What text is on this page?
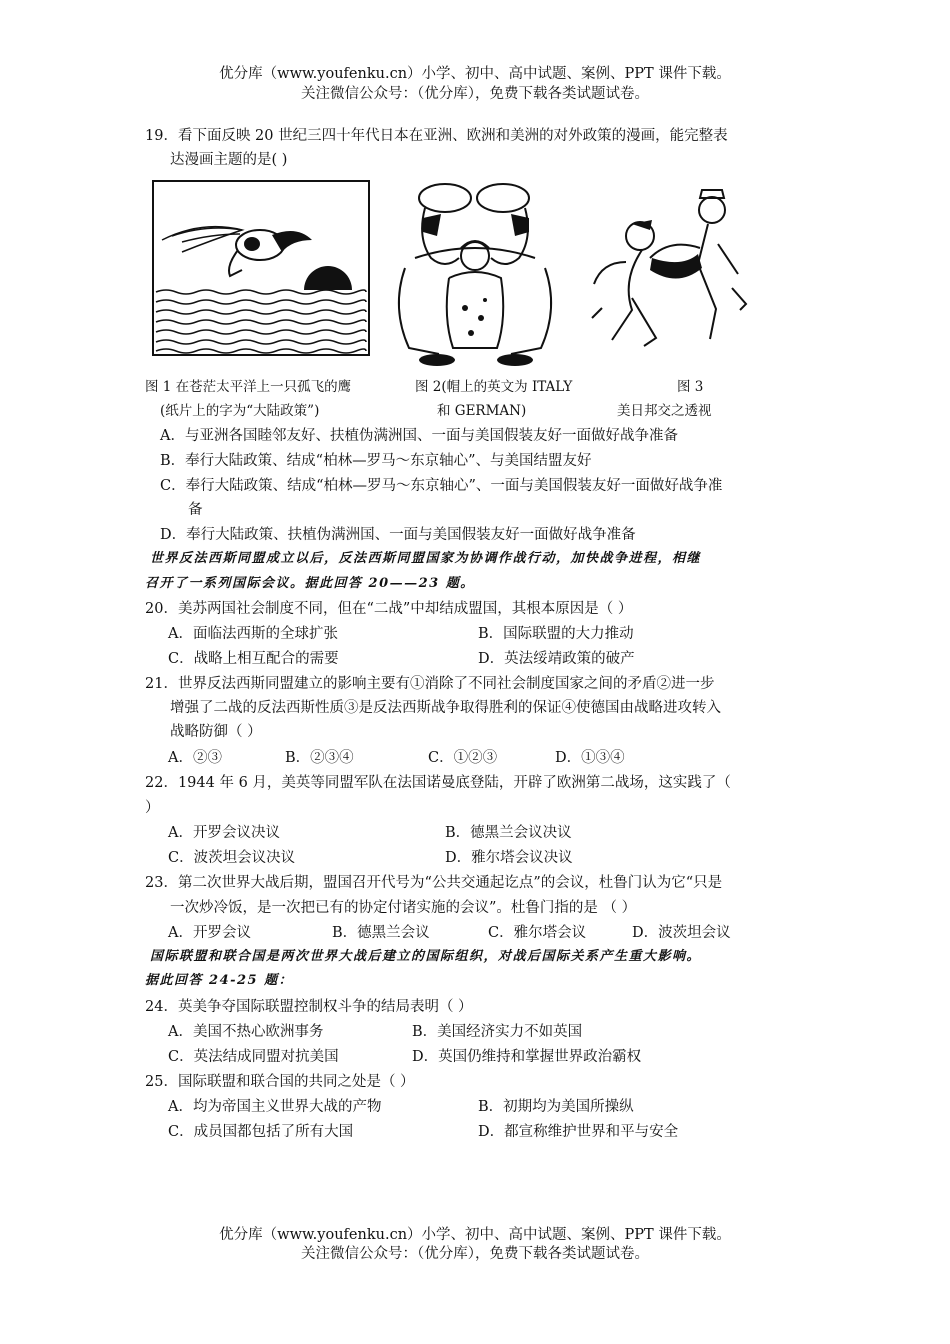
优分库（www.youfenku.cn）小学、初中、高中试题、案例、PPT 课件下载。
关注微信公众号：（优分库），免费下载各类试题试卷。
19．看下面反映 20 世纪三四十年代日本在亚洲、欧洲和美洲的对外政策的漫画，能完整表
达漫画主题的是( )
图 1 在苍茫太平洋上一只孤飞的鹰
(纸片上的字为“大陆政策”)
图 2(帽上的英文为 ITALY
和 GERMAN)
图 3
美日邦交之透视
A．与亚洲各国睦邻友好、扶植伪满洲国、一面与美国假装友好一面做好战争准备
B．奉行大陆政策、结成“柏林—罗马～东京轴心”、与美国结盟友好
C．奉行大陆政策、结成“柏林—罗马～东京轴心”、一面与美国假装友好一面做好战争准
备
D．奉行大陆政策、扶植伪满洲国、一面与美国假装友好一面做好战争准备
世界反法西斯同盟成立以后，反法西斯同盟国家为协调作战行动，加快战争进程，相继
召开了一系列国际会议。据此回答 20——23 题。
20．美苏两国社会制度不同，但在“二战”中却结成盟国，其根本原因是（ ）
A．面临法西斯的全球扩张	B．国际联盟的大力推动
C．战略上相互配合的需要	D．英法绥靖政策的破产
21．世界反法西斯同盟建立的影响主要有①消除了不同社会制度国家之间的矛盾②进一步
增强了二战的反法西斯性质③是反法西斯战争取得胜利的保证④使德国由战略进攻转入
战略防御（ ）
A．②③	B．②③④	C．①②③	D．①③④
22．1944 年 6 月，美英等同盟军队在法国诺曼底登陆，开辟了欧洲第二战场，这实践了（
）
A．开罗会议决议	B．德黑兰会议决议
C．波茨坦会议决议	D．雅尔塔会议决议
23．第二次世界大战后期，盟国召开代号为“公共交通起讫点”的会议，杜鲁门认为它“只是
一次炒冷饭，是一次把已有的协定付诸实施的会议”。杜鲁门指的是 （ ）
A．开罗会议	B．德黑兰会议	C．雅尔塔会议	D．波茨坦会议
国际联盟和联合国是两次世界大战后建立的国际组织，对战后国际关系产生重大影响。
据此回答 24-25 题：
24．英美争夺国际联盟控制权斗争的结局表明（ ）
A．美国不热心欧洲事务	B．美国经济实力不如英国
C．英法结成同盟对抗美国	D．英国仍维持和掌握世界政治霸权
25．国际联盟和联合国的共同之处是（ ）
A．均为帝国主义世界大战的产物	B．初期均为美国所操纵
C．成员国都包括了所有大国	D．都宣称维护世界和平与安全
优分库（www.youfenku.cn）小学、初中、高中试题、案例、PPT 课件下载。
关注微信公众号：（优分库），免费下载各类试题试卷。
